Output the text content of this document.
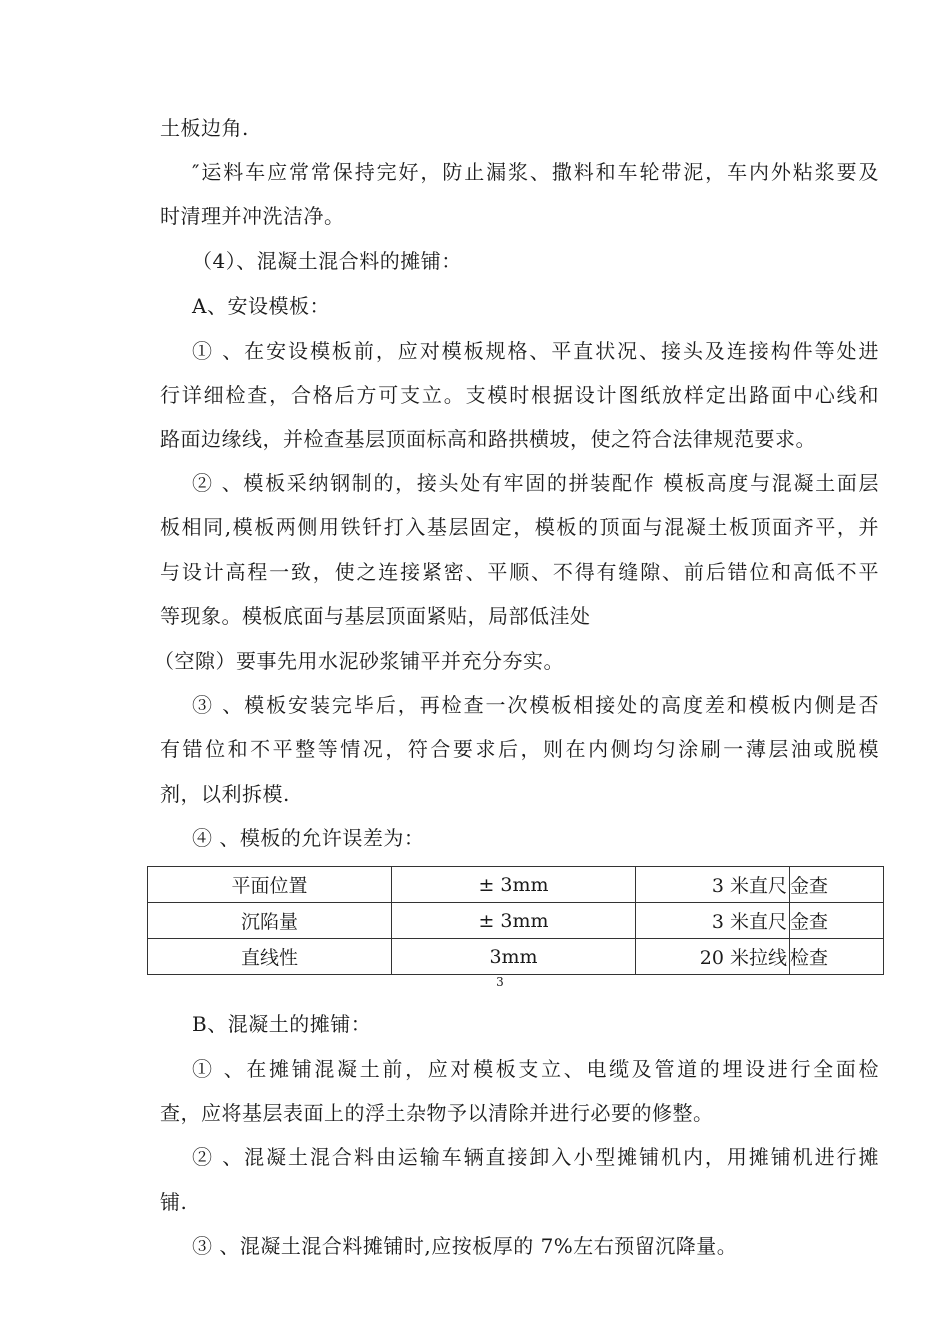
土板边角.
″运料车应常常保持完好，防止漏浆、撒料和车轮带泥，车内外粘浆要及
时清理并冲洗洁净。
（4）、混凝土混合料的摊铺：
A、安设模板：
① 、在安设模板前，应对模板规格、平直状况、接头及连接构件等处进
行详细检查，合格后方可支立。支模时根据设计图纸放样定出路面中心线和
路面边缘线，并检查基层顶面标高和路拱横坡，使之符合法律规范要求。
② 、模板采纳钢制的，接头处有牢固的拼装配作 模板高度与混凝土面层
板相同,模板两侧用铁钎打入基层固定，模板的顶面与混凝土板顶面齐平，并
与设计高程一致，使之连接紧密、平顺、不得有缝隙、前后错位和高低不平
等现象。模板底面与基层顶面紧贴，局部低洼处
（空隙）要事先用水泥砂浆铺平并充分夯实。
③ 、模板安装完毕后，再检查一次模板相接处的高度差和模板内侧是否
有错位和不平整等情况，符合要求后，则在内侧均匀涂刷一薄层油或脱模
剂，以利拆模.
④ 、模板的允许误差为：
平面位置	± 3mm	3 米直尺	金查
沉陷量	± 3mm	3 米直尺	金查
直线性	3mm	20 米拉线	检查
3
B、混凝土的摊铺：
① 、在摊铺混凝土前，应对模板支立、电缆及管道的埋设进行全面检
查，应将基层表面上的浮土杂物予以清除并进行必要的修整。
② 、混凝土混合料由运输车辆直接卸入小型摊铺机内，用摊铺机进行摊
铺.
③ 、混凝土混合料摊铺时,应按板厚的 7%左右预留沉降量。
